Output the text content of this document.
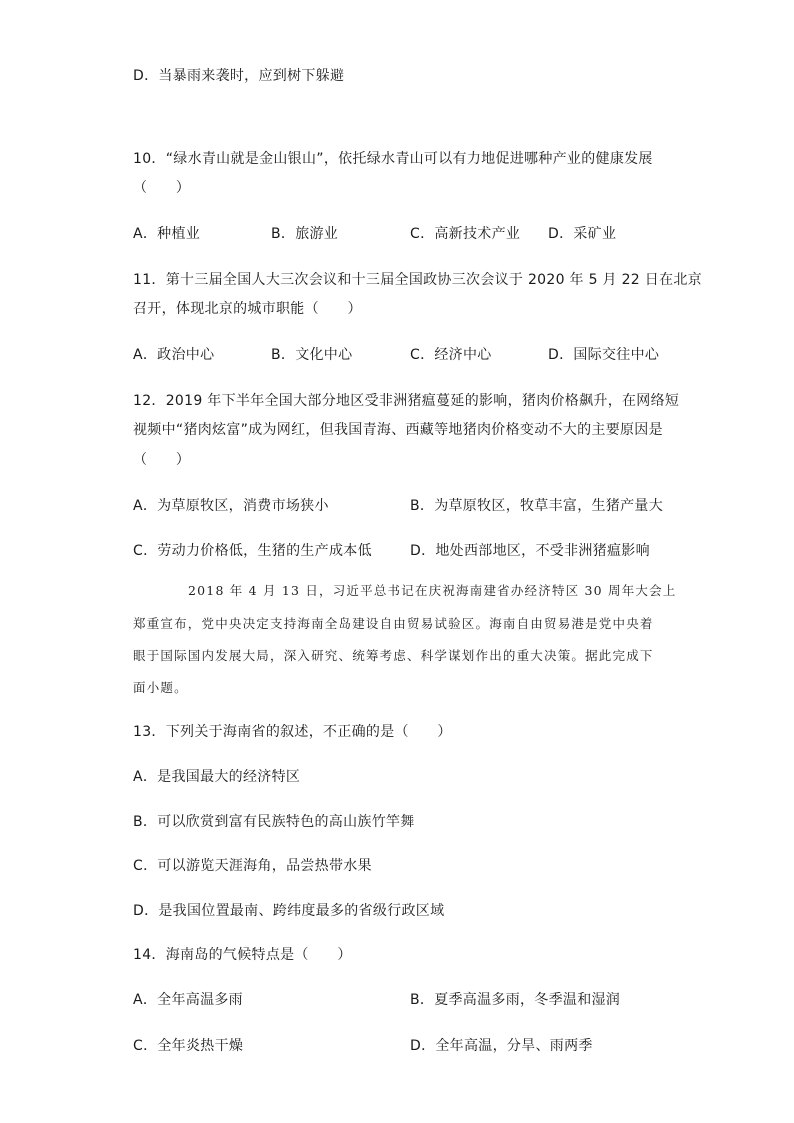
D．当暴雨来袭时，应到树下躲避
10．“绿水青山就是金山银山”，依托绿水青山可以有力地促进哪种产业的健康发展
（　　）
A．种植业	B．旅游业	C．高新技术产业 D．采矿业
11．第十三届全国人大三次会议和十三届全国政协三次会议于 2020 年 5 月 22 日在北京
召开，体现北京的城市职能（　　）
A．政治中心	B．文化中心	C．经济中心	D．国际交往中心
12．2019 年下半年全国大部分地区受非洲猪瘟蔓延的影响，猪肉价格飙升，在网络短
视频中“猪肉炫富”成为网红，但我国青海、西藏等地猪肉价格变动不大的主要原因是
（　　）
A．为草原牧区，消费市场狭小	B．为草原牧区，牧草丰富，生猪产量大
C．劳动力价格低，生猪的生产成本低	D．地处西部地区，不受非洲猪瘟影响
2018 年 4 月 13 日，习近平总书记在庆祝海南建省办经济特区 30 周年大会上
郑重宣布，党中央决定支持海南全岛建设自由贸易试验区。海南自由贸易港是党中央着
眼于国际国内发展大局，深入研究、统筹考虑、科学谋划作出的重大决策。据此完成下
面小题。
13．下列关于海南省的叙述，不正确的是（　　）
A．是我国最大的经济特区
B．可以欣赏到富有民族特色的高山族竹竿舞
C．可以游览天涯海角，品尝热带水果
D．是我国位置最南、跨纬度最多的省级行政区域
14．海南岛的气候特点是（　　）
A．全年高温多雨	B．夏季高温多雨，冬季温和湿润
C．全年炎热干燥	D．全年高温，分旱、雨两季
